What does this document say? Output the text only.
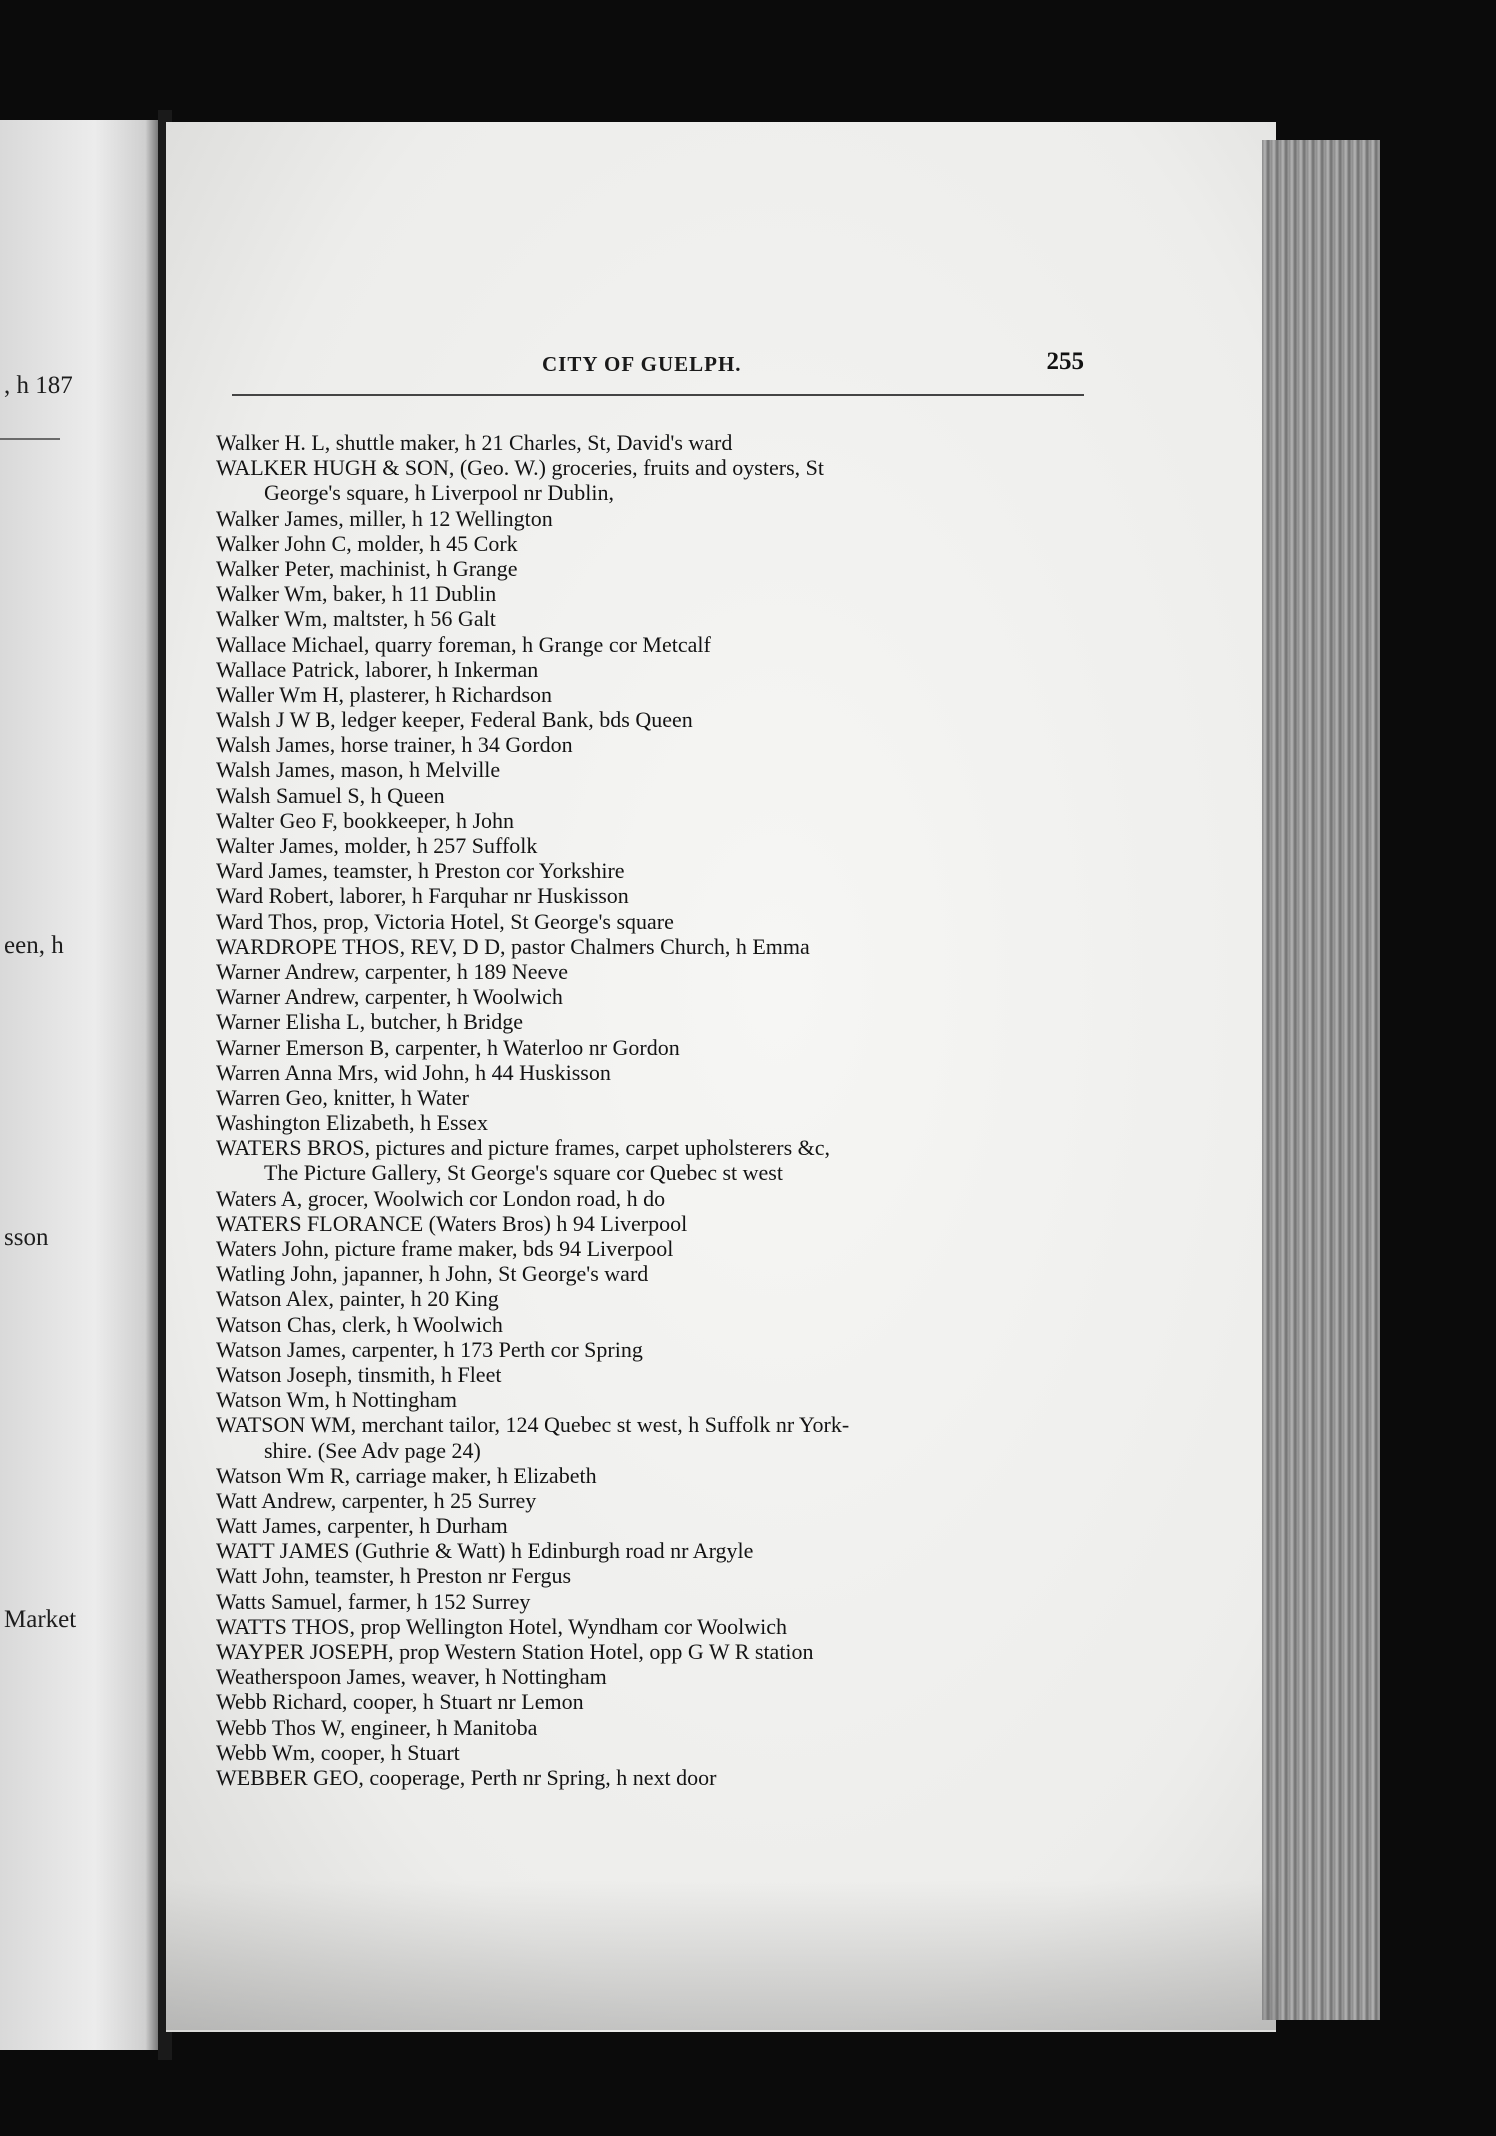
, h 187
een, h
sson
Market
CITY OF GUELPH.	255
Walker H. L, shuttle maker, h 21 Charles, St, David's ward
WALKER HUGH & SON, (Geo. W.) groceries, fruits and oysters, St
George's square, h Liverpool nr Dublin,
Walker James, miller, h 12 Wellington
Walker John C, molder, h 45 Cork
Walker Peter, machinist, h Grange
Walker Wm, baker, h 11 Dublin
Walker Wm, maltster, h 56 Galt
Wallace Michael, quarry foreman, h Grange cor Metcalf
Wallace Patrick, laborer, h Inkerman
Waller Wm H, plasterer, h Richardson
Walsh J W B, ledger keeper, Federal Bank, bds Queen
Walsh James, horse trainer, h 34 Gordon
Walsh James, mason, h Melville
Walsh Samuel S, h Queen
Walter Geo F, bookkeeper, h John
Walter James, molder, h 257 Suffolk
Ward James, teamster, h Preston cor Yorkshire
Ward Robert, laborer, h Farquhar nr Huskisson
Ward Thos, prop, Victoria Hotel, St George's square
WARDROPE THOS, REV, D D, pastor Chalmers Church, h Emma
Warner Andrew, carpenter, h 189 Neeve
Warner Andrew, carpenter, h Woolwich
Warner Elisha L, butcher, h Bridge
Warner Emerson B, carpenter, h Waterloo nr Gordon
Warren Anna Mrs, wid John, h 44 Huskisson
Warren Geo, knitter, h Water
Washington Elizabeth, h Essex
WATERS BROS, pictures and picture frames, carpet upholsterers &c,
The Picture Gallery, St George's square cor Quebec st west
Waters A, grocer, Woolwich cor London road, h do
WATERS FLORANCE (Waters Bros) h 94 Liverpool
Waters John, picture frame maker, bds 94 Liverpool
Watling John, japanner, h John, St George's ward
Watson Alex, painter, h 20 King
Watson Chas, clerk, h Woolwich
Watson James, carpenter, h 173 Perth cor Spring
Watson Joseph, tinsmith, h Fleet
Watson Wm, h Nottingham
WATSON WM, merchant tailor, 124 Quebec st west, h Suffolk nr York-
shire. (See Adv page 24)
Watson Wm R, carriage maker, h Elizabeth
Watt Andrew, carpenter, h 25 Surrey
Watt James, carpenter, h Durham
WATT JAMES (Guthrie & Watt) h Edinburgh road nr Argyle
Watt John, teamster, h Preston nr Fergus
Watts Samuel, farmer, h 152 Surrey
WATTS THOS, prop Wellington Hotel, Wyndham cor Woolwich
WAYPER JOSEPH, prop Western Station Hotel, opp G W R station
Weatherspoon James, weaver, h Nottingham
Webb Richard, cooper, h Stuart nr Lemon
Webb Thos W, engineer, h Manitoba
Webb Wm, cooper, h Stuart
WEBBER GEO, cooperage, Perth nr Spring, h next door
